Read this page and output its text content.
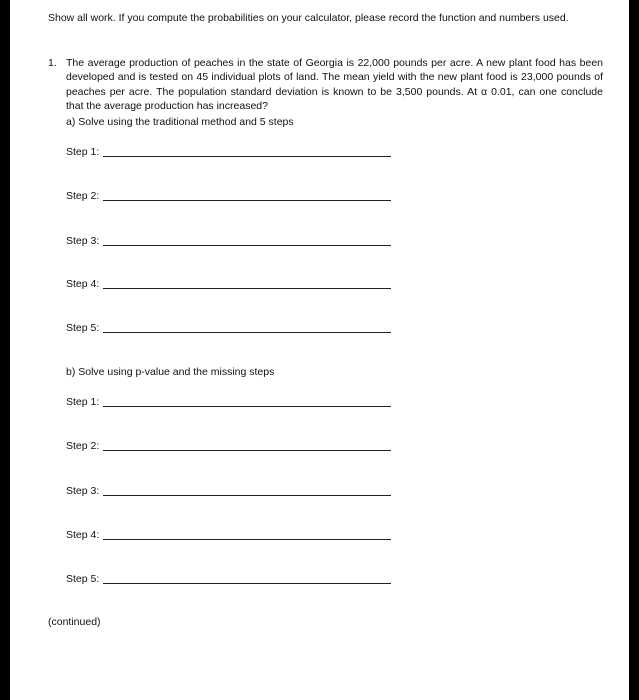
Show all work. If you compute the probabilities on your calculator, please record the function and numbers used.
1. The average production of peaches in the state of Georgia is 22,000 pounds per acre. A new plant food has been developed and is tested on 45 individual plots of land. The mean yield with the new plant food is 23,000 pounds of peaches per acre. The population standard deviation is known to be 3,500 pounds. At α 0.01, can one conclude that the average production has increased?
a) Solve using the traditional method and 5 steps
Step 1:
Step 2:
Step 3:
Step 4:
Step 5:
b) Solve using p-value and the missing steps
Step 1:
Step 2:
Step 3:
Step 4:
Step 5:
(continued)
